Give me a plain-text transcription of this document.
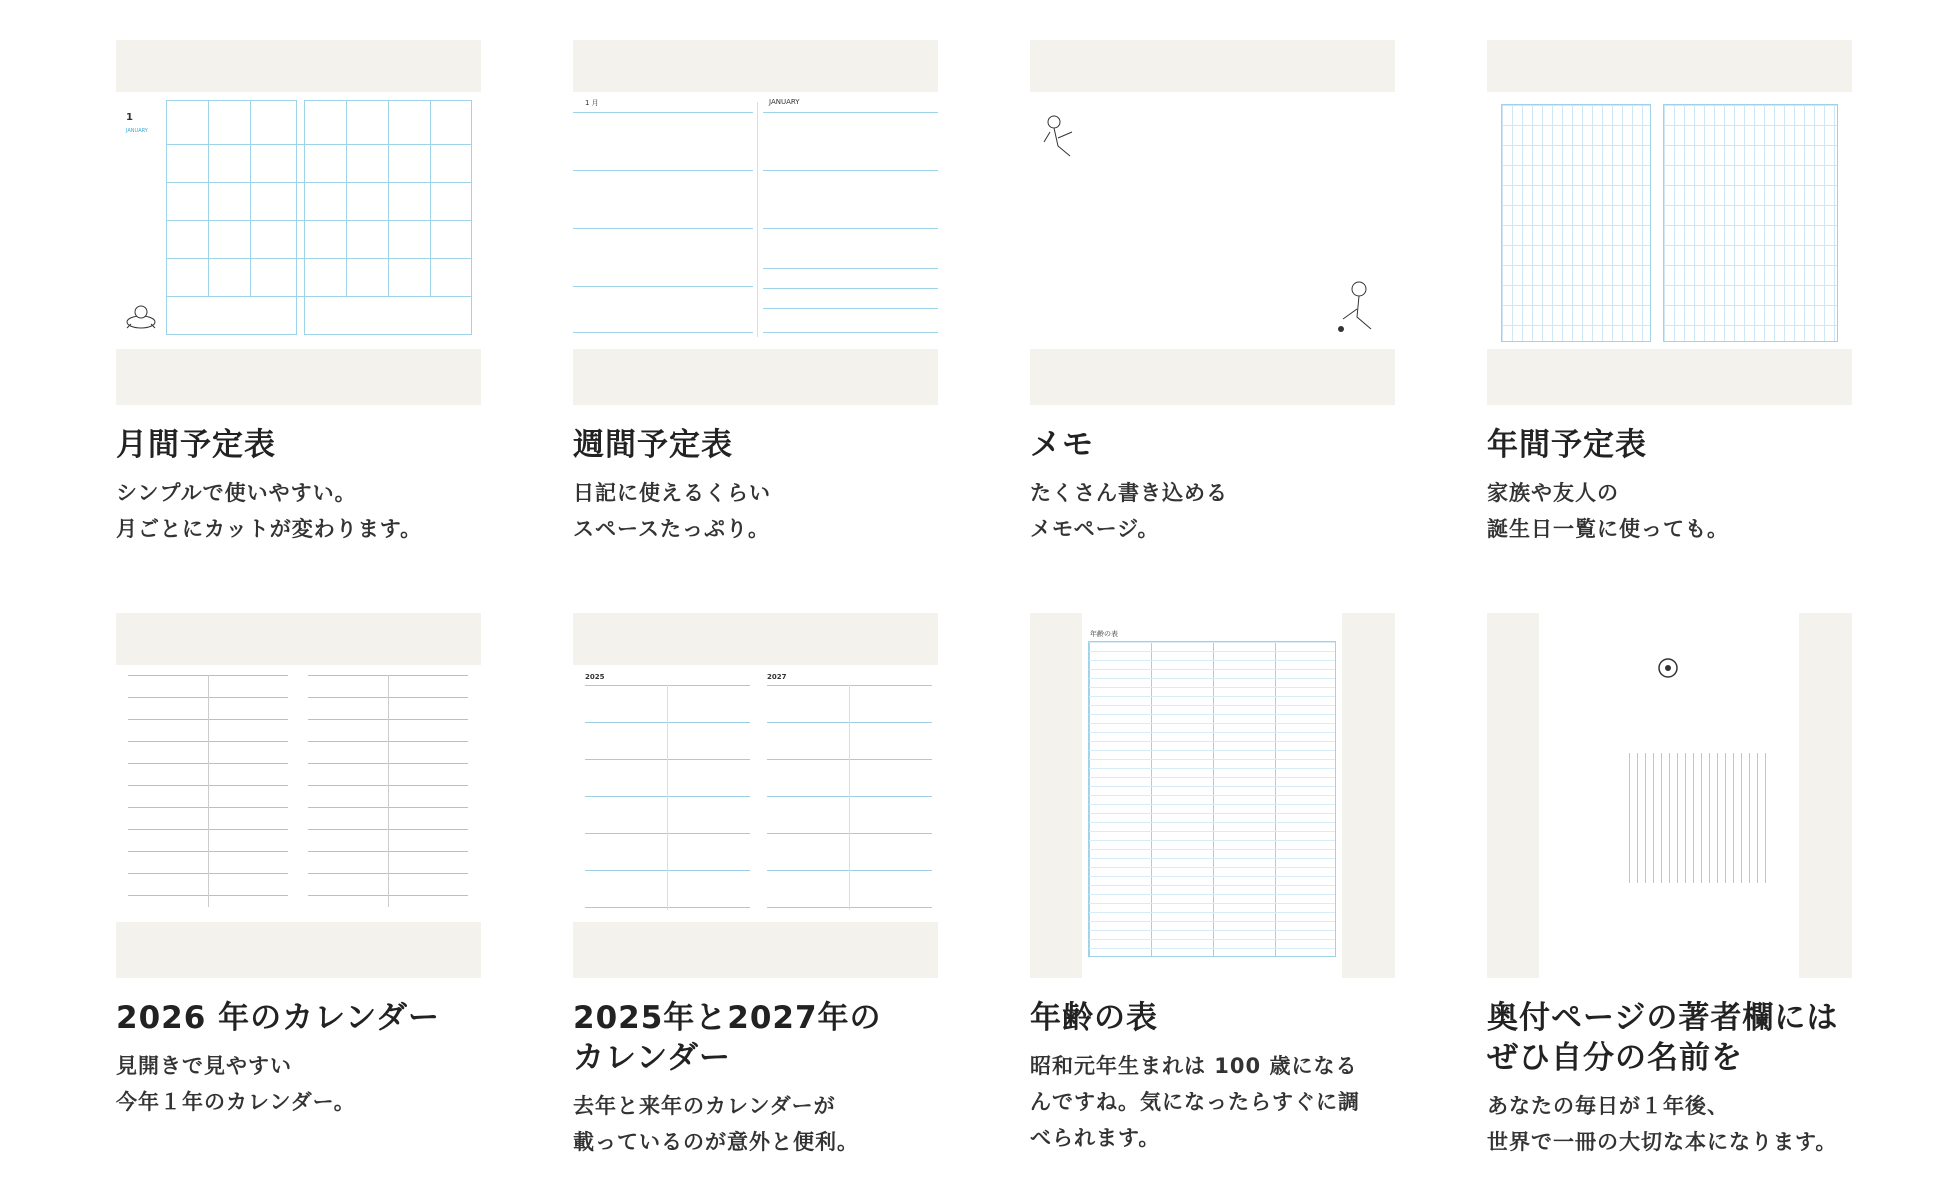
1
JANUARY
月間予定表
シンプルで使いやすい。
月ごとにカットが変わります。
1 月	JANUARY
週間予定表
日記に使えるくらい
スペースたっぷり。
メモ
たくさん書き込める
メモページ。
年間予定表
家族や友人の
誕生日一覧に使っても。
2026 年のカレンダー
見開きで見やすい
今年１年のカレンダー。
2025	2027
2025年と2027年の
カレンダー
去年と来年のカレンダーが
載っているのが意外と便利。
年齢の表
年齢の表
昭和元年生まれは 100 歳になる
んですね。気になったらすぐに調
べられます。
奥付ページの著者欄には
ぜひ自分の名前を
あなたの毎日が１年後、
世界で一冊の大切な本になります。
